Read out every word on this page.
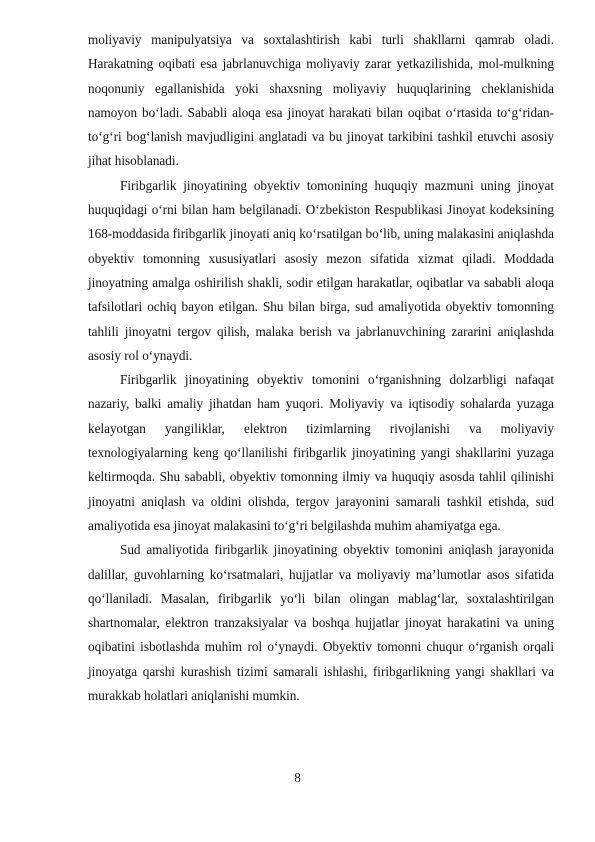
moliyaviy manipulyatsiya va soxtalashtirish kabi turli shakllarni qamrab oladi. Harakatning oqibati esa jabrlanuvchiga moliyaviy zarar yetkazilishida, mol-mulkning noqonuniy egallanishida yoki shaxsning moliyaviy huquqlarining cheklanishida namoyon bo‘ladi. Sababli aloqa esa jinoyat harakati bilan oqibat o‘rtasida to‘g‘ridan-to‘g‘ri bog‘lanish mavjudligini anglatadi va bu jinoyat tarkibini tashkil etuvchi asosiy jihat hisoblanadi.

Firibgarlik jinoyatining obyektiv tomonining huquqiy mazmuni uning jinoyat huquqidagi o‘rni bilan ham belgilanadi. O‘zbekiston Respublikasi Jinoyat kodeksining 168-moddasida firibgarlik jinoyati aniq ko‘rsatilgan bo‘lib, uning malakasini aniqlashda obyektiv tomonning xususiyatlari asosiy mezon sifatida xizmat qiladi. Moddada jinoyatning amalga oshirilish shakli, sodir etilgan harakatlar, oqibatlar va sababli aloqa tafsilotlari ochiq bayon etilgan. Shu bilan birga, sud amaliyotida obyektiv tomonning tahlili jinoyatni tergov qilish, malaka berish va jabrlanuvchining zararini aniqlashda asosiy rol o‘ynaydi.

Firibgarlik jinoyatining obyektiv tomonini o‘rganishning dolzarbligi nafaqat nazariy, balki amaliy jihatdan ham yuqori. Moliyaviy va iqtisodiy sohalarda yuzaga kelayotgan yangiliklar, elektron tizimlarning rivojlanishi va moliyaviy texnologiyalarning keng qo‘llanilishi firibgarlik jinoyatining yangi shakllarini yuzaga keltirmoqda. Shu sababli, obyektiv tomonning ilmiy va huquqiy asosda tahlil qilinishi jinoyatni aniqlash va oldini olishda, tergov jarayonini samarali tashkil etishda, sud amaliyotida esa jinoyat malakasini to‘g‘ri belgilashda muhim ahamiyatga ega.

Sud amaliyotida firibgarlik jinoyatining obyektiv tomonini aniqlash jarayonida dalillar, guvohlarning ko‘rsatmalari, hujjatlar va moliyaviy ma’lumotlar asos sifatida qo‘llaniladi. Masalan, firibgarlik yo‘li bilan olingan mablag‘lar, soxtalashtirilgan shartnomalar, elektron tranzaksiyalar va boshqa hujjatlar jinoyat harakatini va uning oqibatini isbotlashda muhim rol o‘ynaydi. Obyektiv tomonni chuqur o‘rganish orqali jinoyatga qarshi kurashish tizimi samarali ishlashi, firibgarlikning yangi shakllari va murakkab holatlari aniqlanishi mumkin.

8
